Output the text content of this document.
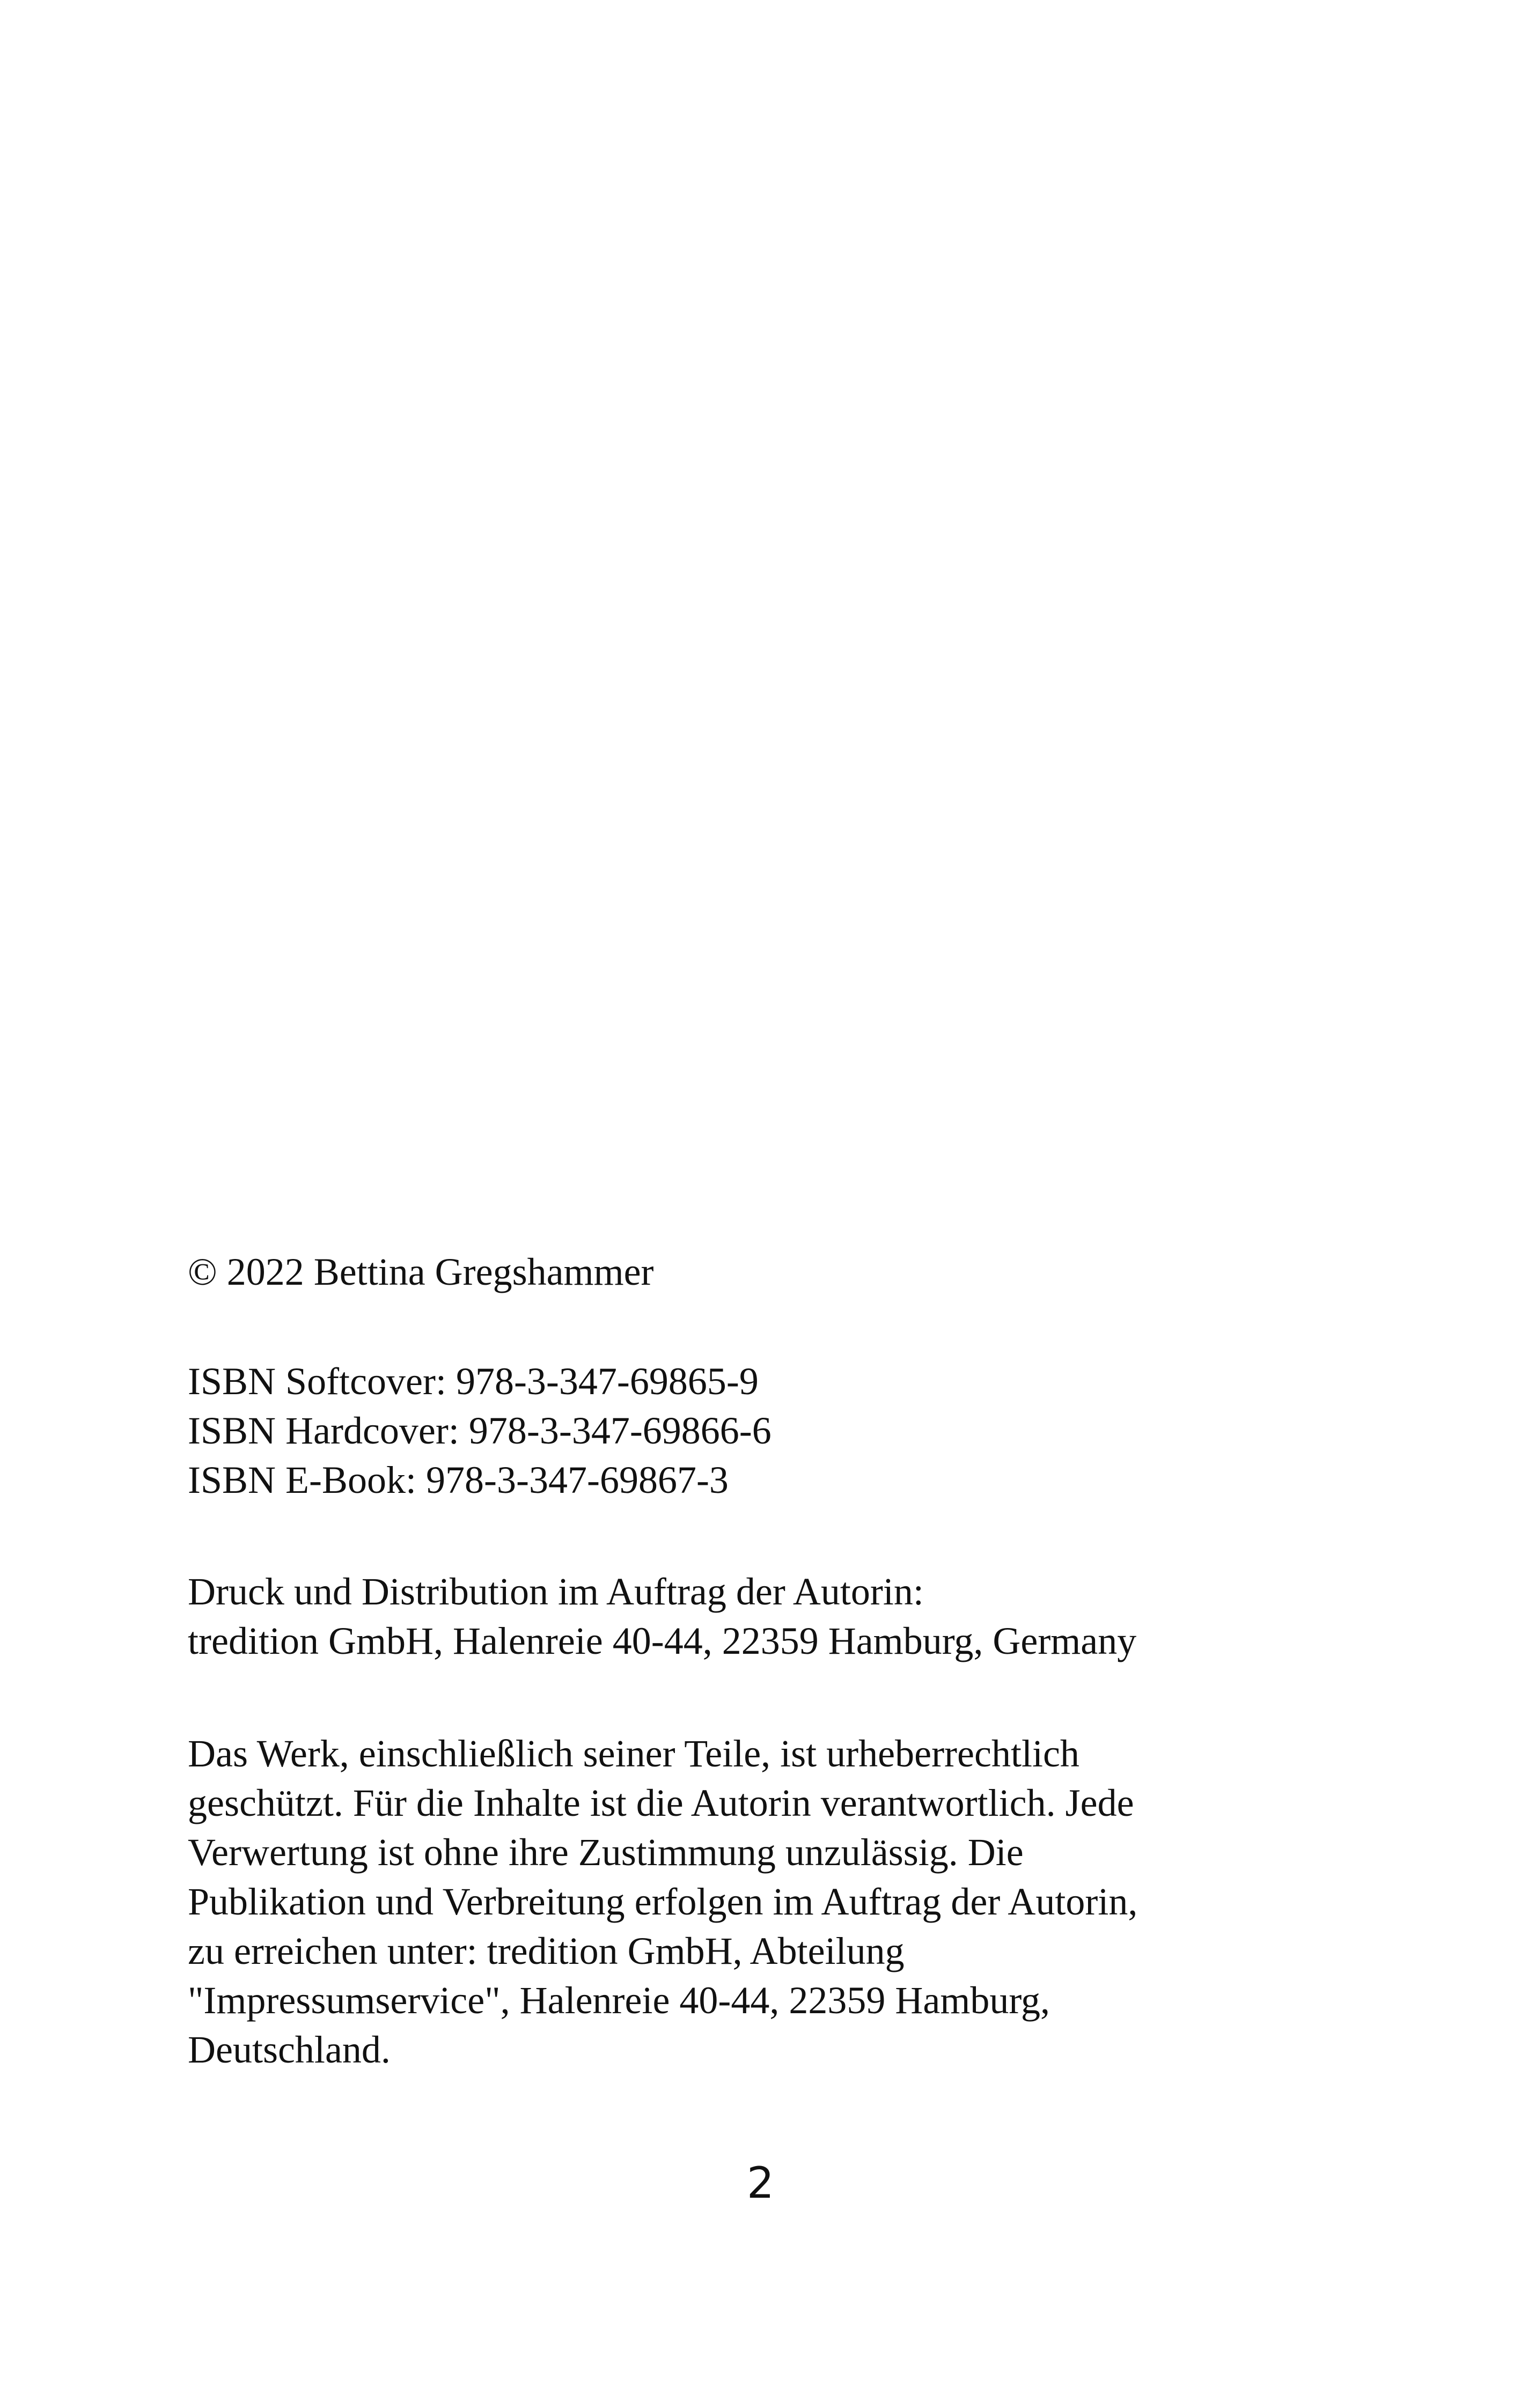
© 2022 Bettina Gregshammer

ISBN Softcover: 978-3-347-69865-9
ISBN Hardcover: 978-3-347-69866-6
ISBN E-Book: 978-3-347-69867-3

Druck und Distribution im Auftrag der Autorin:
tredition GmbH, Halenreie 40-44, 22359 Hamburg, Germany

Das Werk, einschließlich seiner Teile, ist urheberrechtlich
geschützt. Für die Inhalte ist die Autorin verantwortlich. Jede
Verwertung ist ohne ihre Zustimmung unzulässig. Die
Publikation und Verbreitung erfolgen im Auftrag der Autorin,
zu erreichen unter: tredition GmbH, Abteilung
"Impressumservice", Halenreie 40-44, 22359 Hamburg,
Deutschland.

2
